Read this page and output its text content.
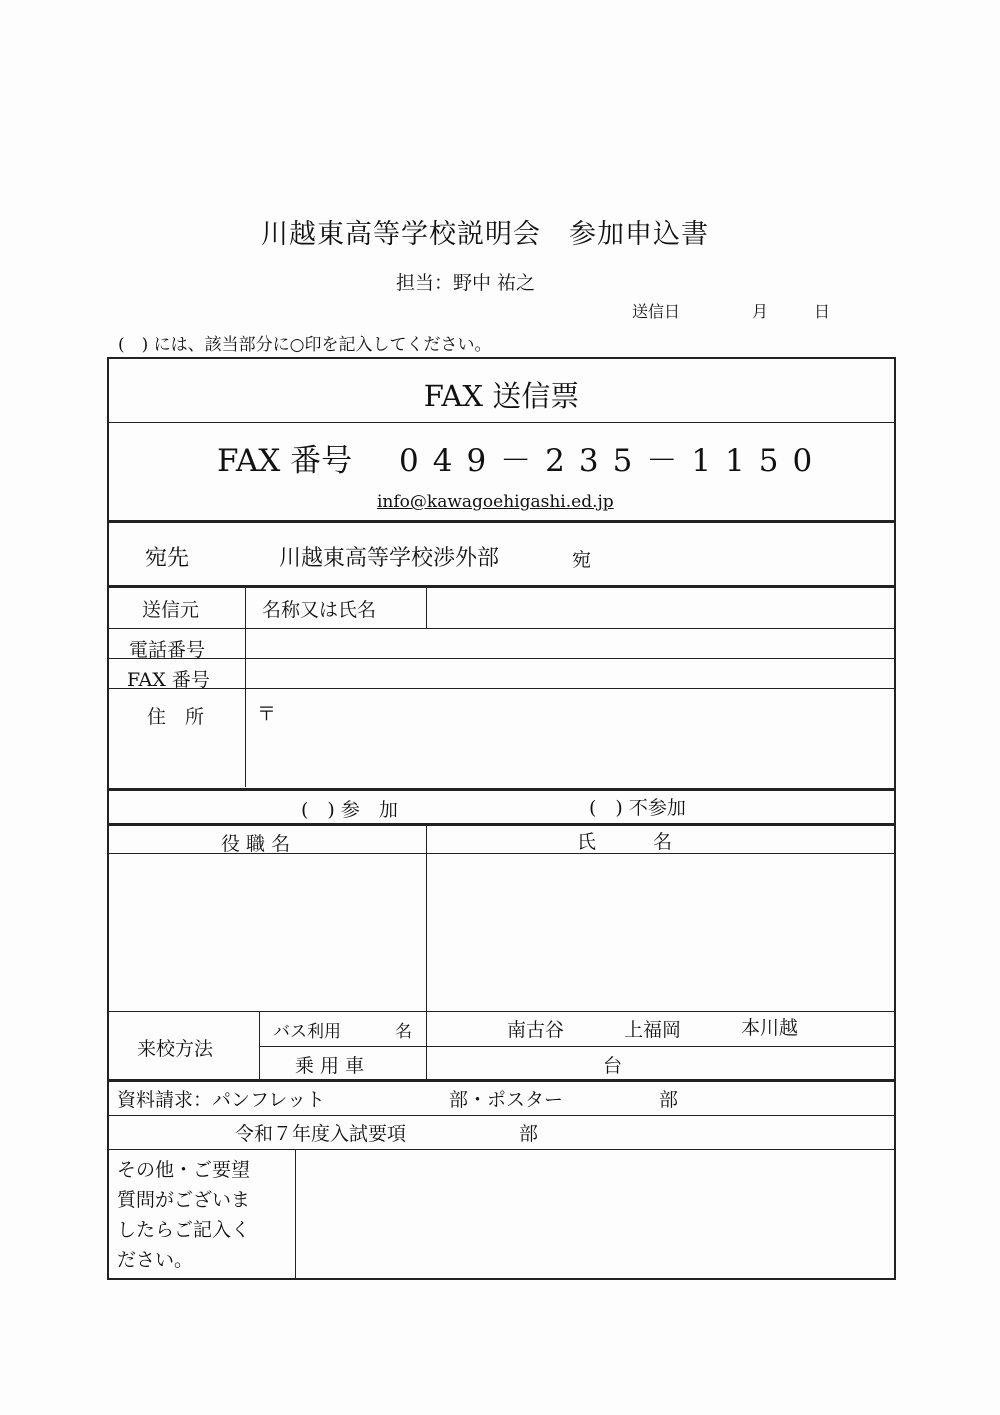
川越東高等学校説明会　参加申込書
担当：野中 祐之
送信日	月	日
(　) には、該当部分に○印を記入してください。
FAX 送信票
FAX 番号 049－235－1150
info@kawagoehigashi.ed.jp
宛先	川越東高等学校渉外部	宛
送信元	名称又は氏名
電話番号
FAX 番号
住　所	〒
(　) 参　加	(　) 不参加
役 職 名	氏　　　名
来校方法
バス利用	名	南古谷	上福岡	本川越
乗 用 車	台
資料請求：パンフレット	部・ポスター	部
令和７年度入試要項	部
その他・ご要望
質問がございま
したらご記入く
ださい。
